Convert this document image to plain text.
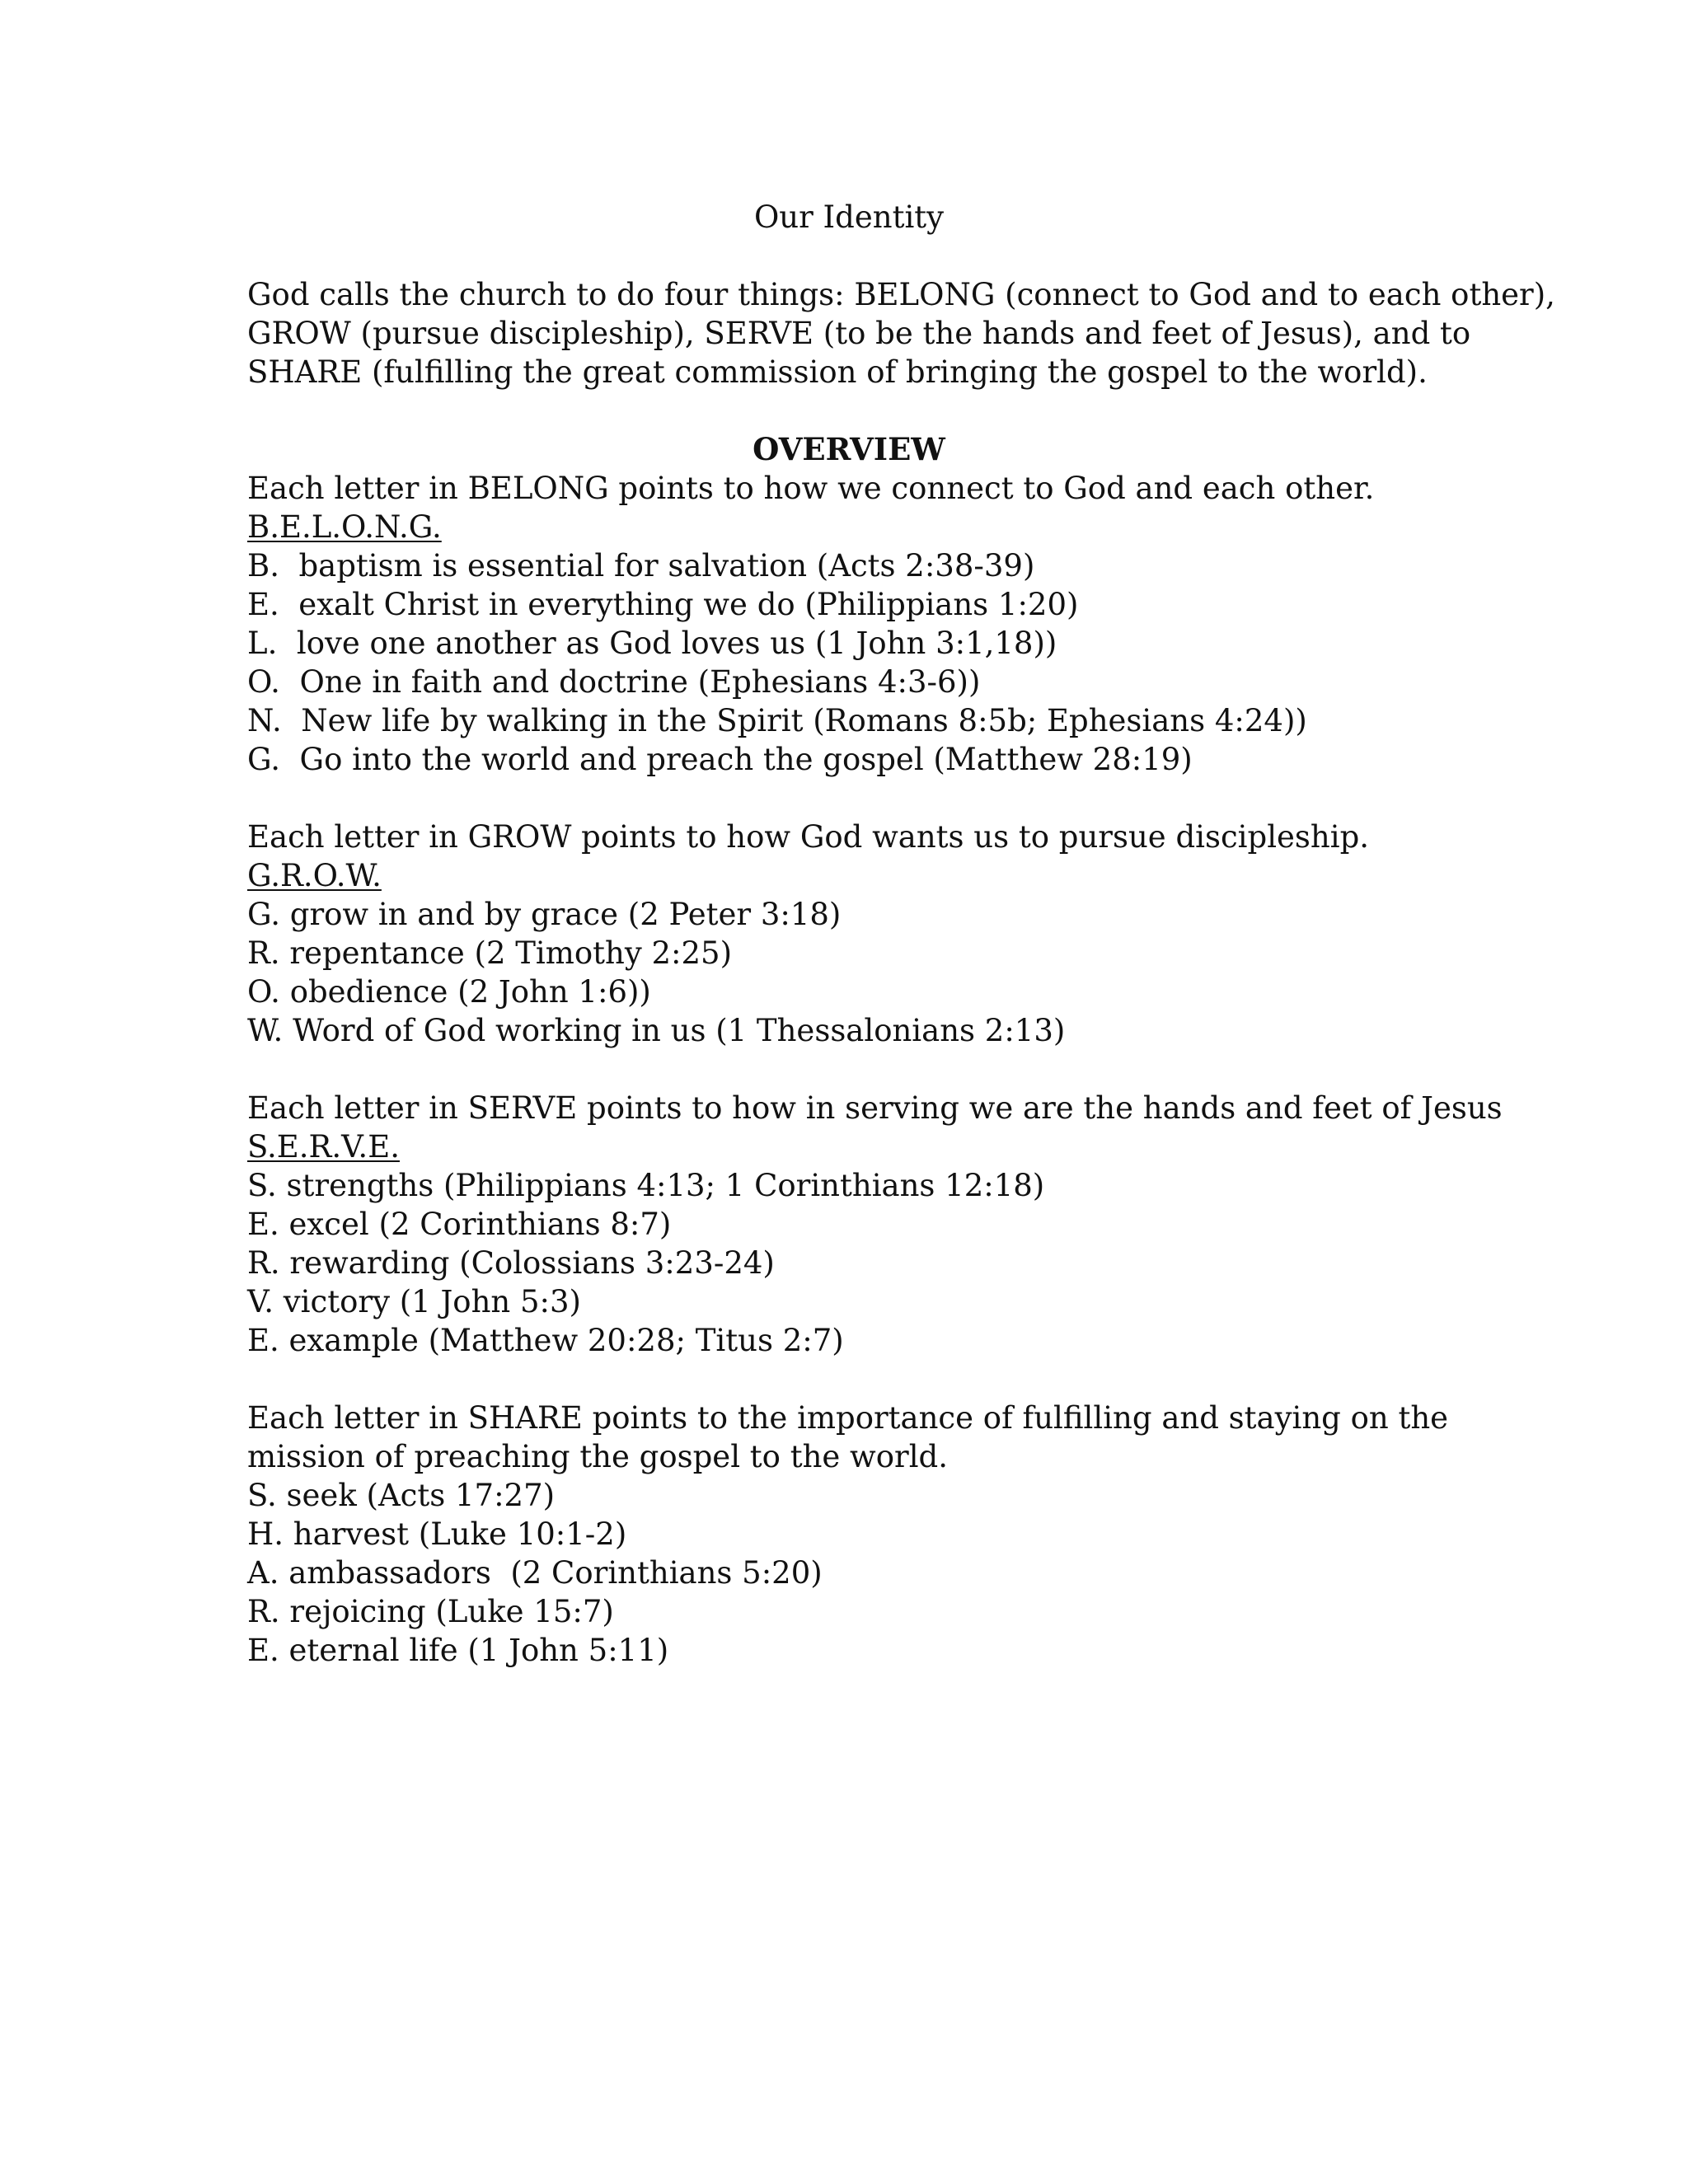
Our Identity
God calls the church to do four things: BELONG (connect to God and to each other),
GROW (pursue discipleship), SERVE (to be the hands and feet of Jesus), and to
SHARE (fulfilling the great commission of bringing the gospel to the world).
OVERVIEW
Each letter in BELONG points to how we connect to God and each other.
B.E.L.O.N.G.
B.  baptism is essential for salvation (Acts 2:38-39)
E.  exalt Christ in everything we do (Philippians 1:20)
L.  love one another as God loves us (1 John 3:1,18))
O.  One in faith and doctrine (Ephesians 4:3-6))
N.  New life by walking in the Spirit (Romans 8:5b; Ephesians 4:24))
G.  Go into the world and preach the gospel (Matthew 28:19)
Each letter in GROW points to how God wants us to pursue discipleship.
G.R.O.W.
G. grow in and by grace (2 Peter 3:18)
R. repentance (2 Timothy 2:25)
O. obedience (2 John 1:6))
W. Word of God working in us (1 Thessalonians 2:13)
Each letter in SERVE points to how in serving we are the hands and feet of Jesus
S.E.R.V.E.
S. strengths (Philippians 4:13; 1 Corinthians 12:18)
E. excel (2 Corinthians 8:7)
R. rewarding (Colossians 3:23-24)
V. victory (1 John 5:3)
E. example (Matthew 20:28; Titus 2:7)
Each letter in SHARE points to the importance of fulfilling and staying on the
mission of preaching the gospel to the world.
S. seek (Acts 17:27)
H. harvest (Luke 10:1-2)
A. ambassadors  (2 Corinthians 5:20)
R. rejoicing (Luke 15:7)
E. eternal life (1 John 5:11)
